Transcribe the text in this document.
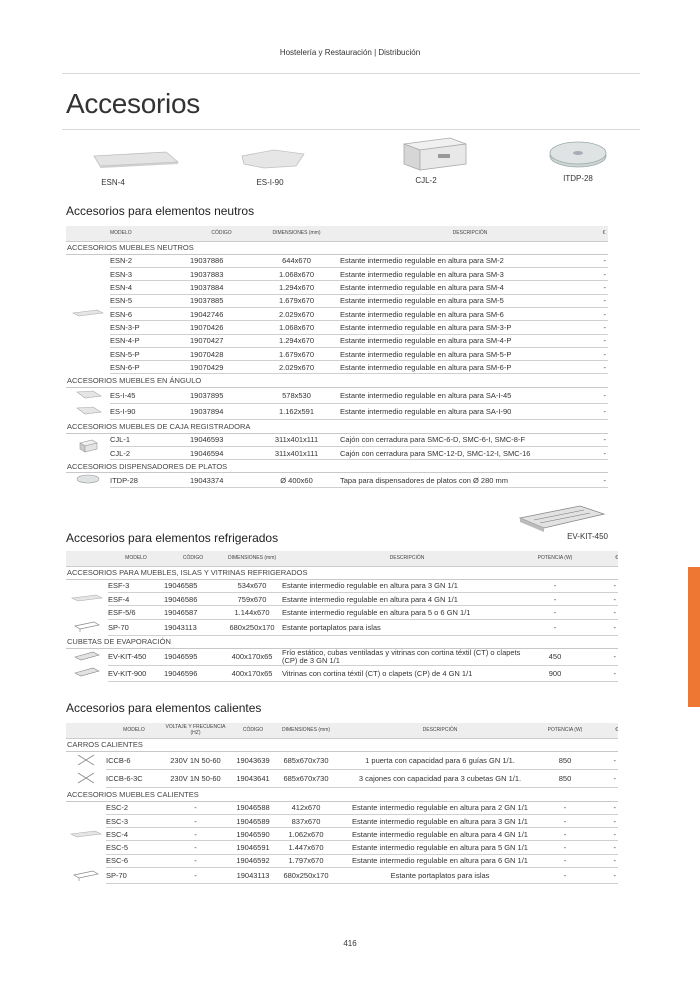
Hostelería y Restauración | Distribución
Accesorios
ESN-4	ES-I-90	CJL-2	ITDP-28
Accesorios para elementos neutros
	MODELO	CÓDIGO	DIMENSIONES (mm)	DESCRIPCIÓN	€
ACCESORIOS MUEBLES NEUTROS					
	ESN-2	19037886	644x670	Estante intermedio regulable en altura para SM-2	-
	ESN-3	19037883	1.068x670	Estante intermedio regulable en altura para SM-3	-
	ESN-4	19037884	1.294x670	Estante intermedio regulable en altura para SM-4	-
	ESN-5	19037885	1.679x670	Estante intermedio regulable en altura para SM-5	-
	ESN-6	19042746	2.029x670	Estante intermedio regulable en altura para SM-6	-
	ESN-3-P	19070426	1.068x670	Estante intermedio regulable en altura para SM-3-P	-
	ESN-4-P	19070427	1.294x670	Estante intermedio regulable en altura para SM-4-P	-
	ESN-5-P	19070428	1.679x670	Estante intermedio regulable en altura para SM-5-P	-
	ESN-6-P	19070429	2.029x670	Estante intermedio regulable en altura para SM-6-P	-
ACCESORIOS MUEBLES EN ÁNGULO					
	ES-I-45	19037895	578x530	Estante intermedio regulable en altura para SA-I-45	-
	ES-I-90	19037894	1.162x591	Estante intermedio regulable en altura para SA-I-90	-
ACCESORIOS MUEBLES DE CAJA REGISTRADORA					
	CJL-1	19046593	311x401x111	Cajón con cerradura para SMC-6-D, SMC-6-I, SMC-8-F	-
	CJL-2	19046594	311x401x111	Cajón con cerradura para SMC-12-D, SMC-12-I, SMC-16	-
ACCESORIOS DISPENSADORES DE PLATOS					
	ITDP-28	19043374	Ø 400x60	Tapa para dispensadores de platos con Ø 280 mm	-
Accesorios para elementos refrigerados	EV-KIT-450
	MODELO	CÓDIGO	DIMENSIONES (mm)	DESCRIPCIÓN	POTENCIA (W)	€
ACCESORIOS PARA MUEBLES, ISLAS Y VITRINAS REFRIGERADOS						
	ESF-3	19046585	534x670	Estante intermedio regulable en altura para 3 GN 1/1	-	-
	ESF-4	19046586	759x670	Estante intermedio regulable en altura para 4 GN 1/1	-	-
	ESF-5/6	19046587	1.144x670	Estante intermedio regulable en altura para 5 o 6 GN 1/1	-	-
	SP-70	19043113	680x250x170	Estante portaplatos para islas	-	-
CUBETAS DE EVAPORACIÓN						
	EV-KIT-450	19046595	400x170x65	Frío estático, cubas ventiladas y vitrinas con cortina téxtil (CT) o clapets (CP) de 3 GN 1/1	450	-
	EV-KIT-900	19046596	400x170x65	Vitrinas con cortina téxtil (CT) o clapets (CP) de 4 GN 1/1	900	-
Accesorios para elementos calientes
	MODELO	VOLTAJE Y FRECUENCIA (HZ)	CÓDIGO	DIMENSIONES (mm)	DESCRIPCIÓN	POTENCIA (W)	€
CARROS CALIENTES							
	ICCB-6	230V 1N 50-60	19043639	685x670x730	1 puerta con capacidad para 6 guías GN 1/1.	850	-
	ICCB-6-3C	230V 1N 50-60	19043641	685x670x730	3 cajones con capacidad para 3 cubetas GN 1/1.	850	-
ACCESORIOS MUEBLES CALIENTES							
	ESC-2	-	19046588	412x670	Estante intermedio regulable en altura para 2 GN 1/1	-	-
	ESC-3	-	19046589	837x670	Estante intermedio regulable en altura para 3 GN 1/1	-	-
	ESC-4	-	19046590	1.062x670	Estante intermedio regulable en altura para 4 GN 1/1	-	-
	ESC-5	-	19046591	1.447x670	Estante intermedio regulable en altura para 5 GN 1/1	-	-
	ESC-6	-	19046592	1.797x670	Estante intermedio regulable en altura para 6 GN 1/1	-	-
	SP-70	-	19043113	680x250x170	Estante portaplatos para islas	-	-
416
